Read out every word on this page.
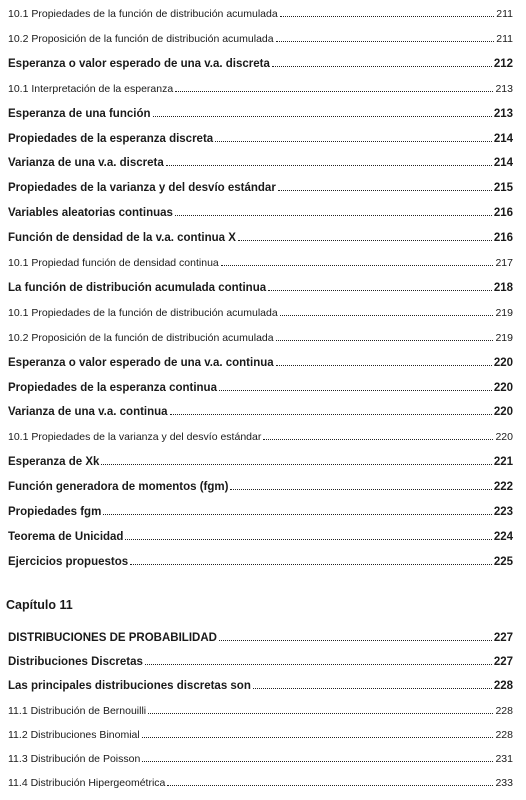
10.1 Propiedades de la función de distribución acumulada	211
10.2 Proposición de la función de distribución acumulada	211
Esperanza o valor esperado de una v.a. discreta	212
10.1 Interpretación de la esperanza	213
Esperanza de una función	213
Propiedades de la esperanza discreta	214
Varianza de una v.a. discreta	214
Propiedades de la varianza y del desvío estándar	215
Variables aleatorias continuas	216
Función de densidad de la v.a. continua X	216
10.1 Propiedad función de densidad continua	217
La función de distribución acumulada continua	218
10.1 Propiedades de la función de distribución acumulada	219
10.2 Proposición de la función de distribución acumulada	219
Esperanza o valor esperado de una v.a. continua	220
Propiedades de la esperanza continua	220
Varianza de una v.a. continua	220
10.1 Propiedades de la varianza y del desvío estándar	220
Esperanza de Xk	221
Función generadora de momentos (fgm)	222
Propiedades fgm	223
Teorema de Unicidad	224
Ejercicios propuestos	225
Capítulo 11
DISTRIBUCIONES DE PROBABILIDAD	227
Distribuciones Discretas	227
Las principales distribuciones discretas son	228
11.1 Distribución de Bernouilli	228
11.2 Distribuciones Binomial	228
11.3 Distribución de Poisson	231
11.4 Distribución Hipergeométrica	233
